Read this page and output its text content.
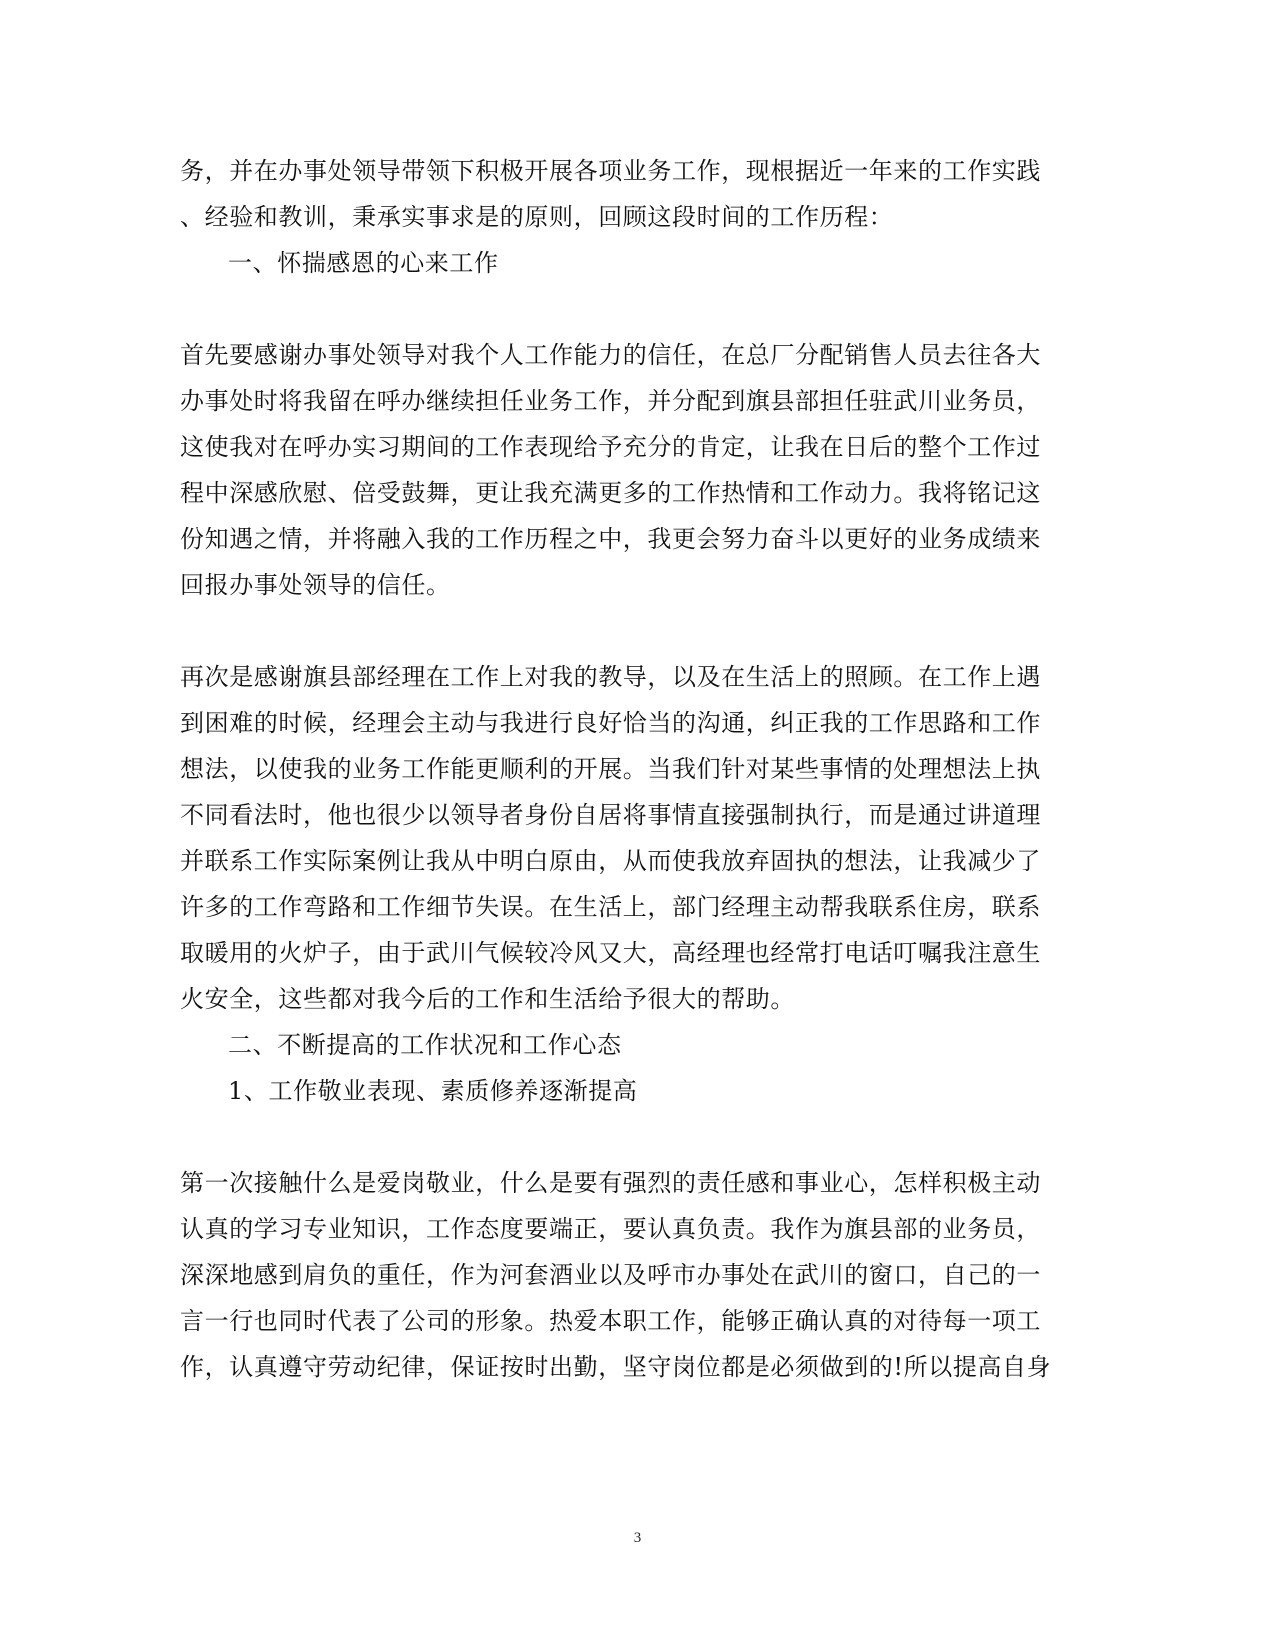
务，并在办事处领导带领下积极开展各项业务工作，现根据近一年来的工作实践
、经验和教训，秉承实事求是的原则，回顾这段时间的工作历程：
一、怀揣感恩的心来工作
首先要感谢办事处领导对我个人工作能力的信任，在总厂分配销售人员去往各大
办事处时将我留在呼办继续担任业务工作，并分配到旗县部担任驻武川业务员，
这使我对在呼办实习期间的工作表现给予充分的肯定，让我在日后的整个工作过
程中深感欣慰、倍受鼓舞，更让我充满更多的工作热情和工作动力。我将铭记这
份知遇之情，并将融入我的工作历程之中，我更会努力奋斗以更好的业务成绩来
回报办事处领导的信任。
再次是感谢旗县部经理在工作上对我的教导，以及在生活上的照顾。在工作上遇
到困难的时候，经理会主动与我进行良好恰当的沟通，纠正我的工作思路和工作
想法，以使我的业务工作能更顺利的开展。当我们针对某些事情的处理想法上执
不同看法时，他也很少以领导者身份自居将事情直接强制执行，而是通过讲道理
并联系工作实际案例让我从中明白原由，从而使我放弃固执的想法，让我减少了
许多的工作弯路和工作细节失误。在生活上，部门经理主动帮我联系住房，联系
取暖用的火炉子，由于武川气候较冷风又大，高经理也经常打电话叮嘱我注意生
火安全，这些都对我今后的工作和生活给予很大的帮助。
二、不断提高的工作状况和工作心态
1、工作敬业表现、素质修养逐渐提高
第一次接触什么是爱岗敬业，什么是要有强烈的责任感和事业心，怎样积极主动
认真的学习专业知识，工作态度要端正，要认真负责。我作为旗县部的业务员，
深深地感到肩负的重任，作为河套酒业以及呼市办事处在武川的窗口，自己的一
言一行也同时代表了公司的形象。热爱本职工作，能够正确认真的对待每一项工
作，认真遵守劳动纪律，保证按时出勤，坚守岗位都是必须做到的!所以提高自身
3
